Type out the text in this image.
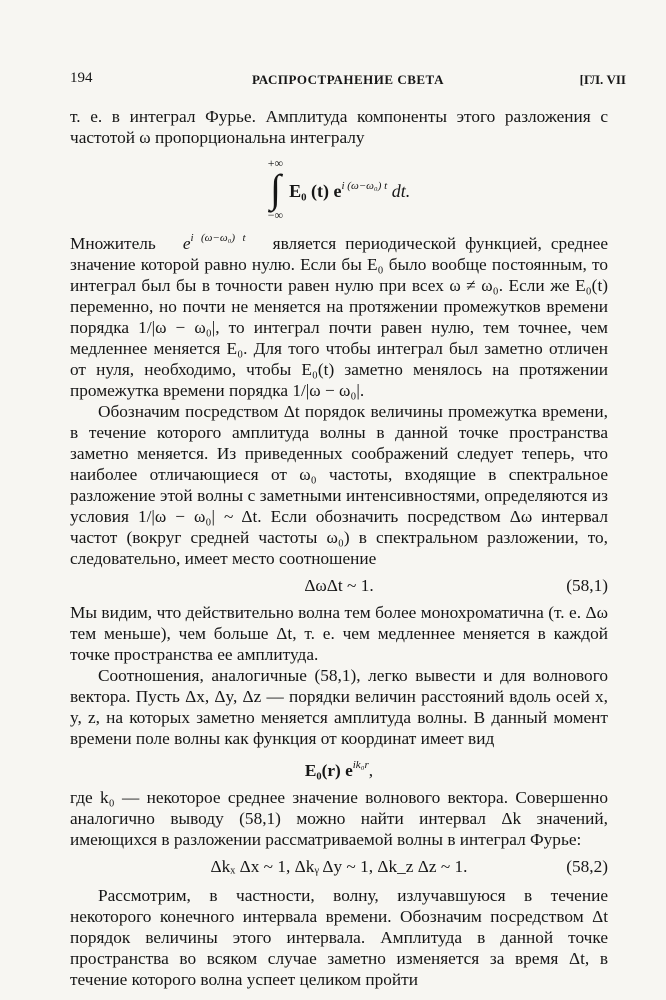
194	РАСПРОСТРАНЕНИЕ СВЕТА	[ГЛ. VII

т. е. в интеграл Фурье. Амплитуда компоненты этого разложения с частотой ω пропорциональна интегралу

+∞
∫
−∞
E₀ (t) $e^{i (\omega-\omega_0) t}$ dt.

Множитель $e^{i (\omega-\omega_0) t}$ является периодической функцией, среднее значение которой равно нулю. Если бы E₀ было вообще постоянным, то интеграл был бы в точности равен нулю при всех ω ≠ ω₀. Если же E₀(t) переменно, но почти не меняется на протяжении промежутков времени порядка 1/|ω − ω₀|, то интеграл почти равен нулю, тем точнее, чем медленнее меняется E₀. Для того чтобы интеграл был заметно отличен от нуля, необходимо, чтобы E₀(t) заметно менялось на протяжении промежутка времени порядка 1/|ω − ω₀|.

Обозначим посредством Δt порядок величины промежутка времени, в течение которого амплитуда волны в данной точке пространства заметно меняется. Из приведенных соображений следует теперь, что наиболее отличающиеся от ω₀ частоты, входящие в спектральное разложение этой волны с заметными интенсивностями, определяются из условия 1/|ω − ω₀| ~ Δt. Если обозначить посредством Δω интервал частот (вокруг средней частоты ω₀) в спектральном разложении, то, следовательно, имеет место соотношение

ΔωΔt ~ 1.	(58,1)

Мы видим, что действительно волна тем более монохроматична (т. е. Δω тем меньше), чем больше Δt, т. е. чем медленнее меняется в каждой точке пространства ее амплитуда.

Соотношения, аналогичные (58,1), легко вывести и для волнового вектора. Пусть Δx, Δy, Δz — порядки величин расстояний вдоль осей x, y, z, на которых заметно меняется амплитуда волны. В данный момент времени поле волны как функция от координат имеет вид

E₀(r) $e^{ik_0r}$,

где k₀ — некоторое среднее значение волнового вектора. Совершенно аналогично выводу (58,1) можно найти интервал Δk значений, имеющихся в разложении рассматриваемой волны в интеграл Фурье:

Δkₓ Δx ~ 1, Δkᵧ Δy ~ 1, Δk_z Δz ~ 1.	(58,2)

Рассмотрим, в частности, волну, излучавшуюся в течение некоторого конечного интервала времени. Обозначим посредством Δt порядок величины этого интервала. Амплитуда в данной точке пространства во всяком случае заметно изменяется за время Δt, в течение которого волна успеет целиком пройти
